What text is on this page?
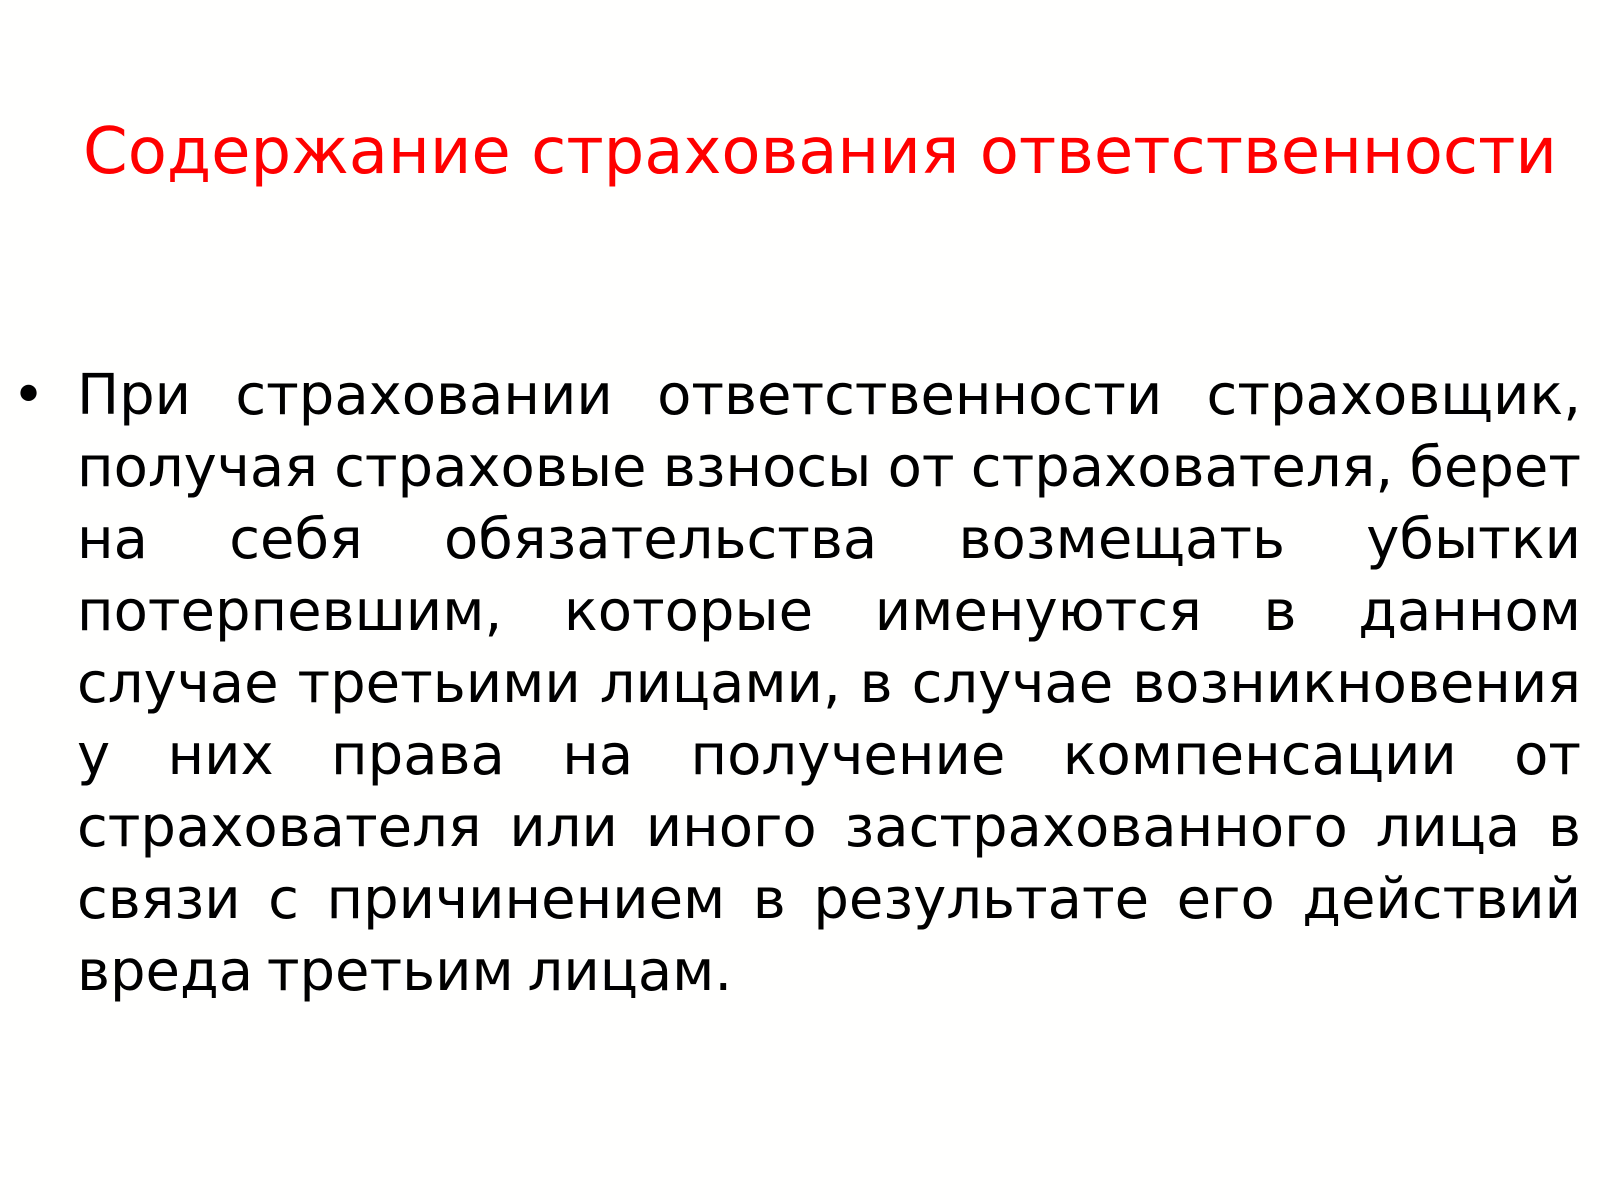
Содержание страхования ответственности
• При страховании ответственности страховщик, получая страховые взносы от страхователя, берет на себя обязательства возмещать убытки потерпевшим, которые именуются в данном случае третьими лицами, в случае возникновения у них права на получение компенсации от страхователя или иного застрахованного лица в связи с причинением в результате его действий вреда третьим лицам.
